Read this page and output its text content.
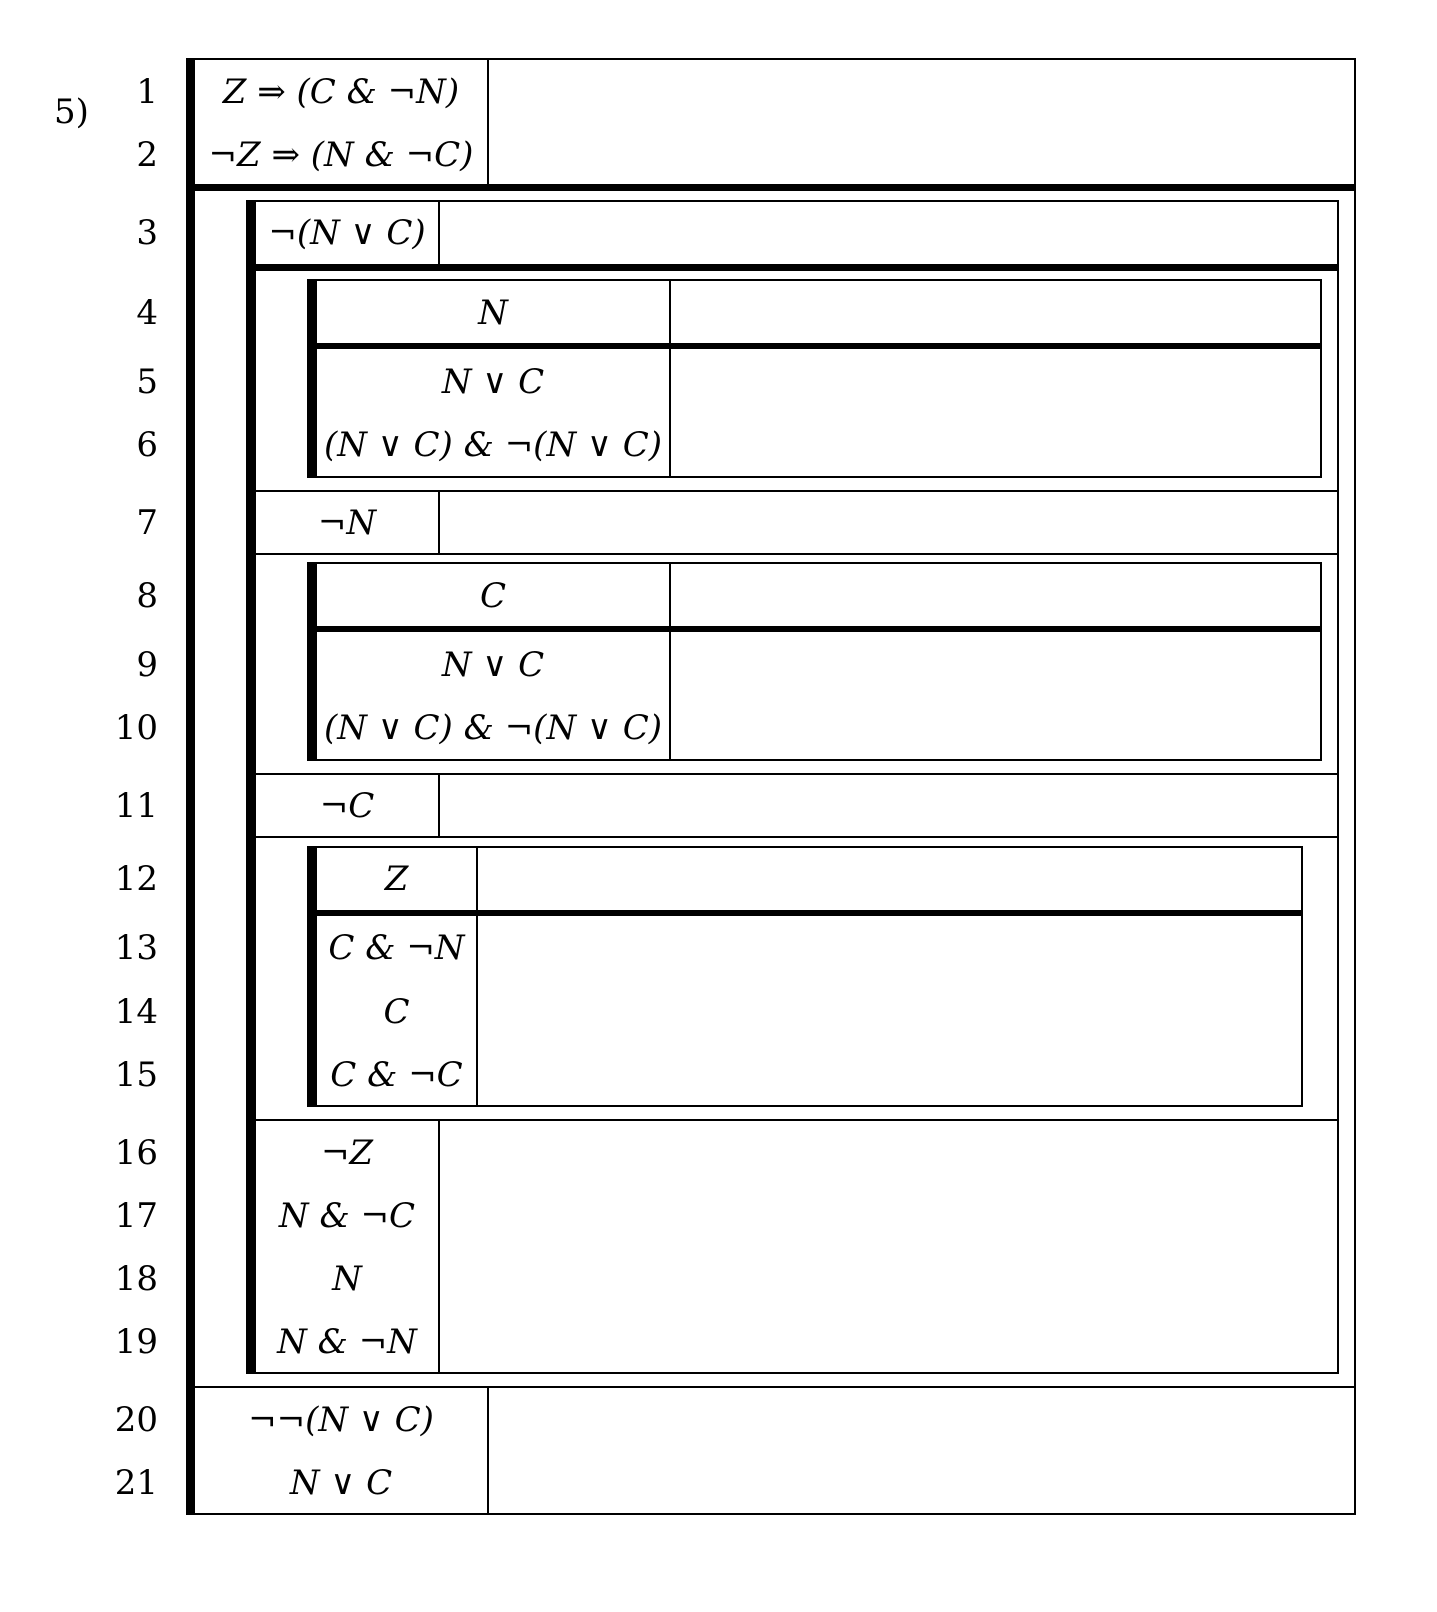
5)	1
2
3
4
5
6
7
8
9
10
11
12
13
14
15
16
17
18
19
20
21
Z ⇒ (C & ¬N)
¬Z ⇒ (N & ¬C)
¬(N ∨ C)
N
N ∨ C
(N ∨ C) & ¬(N ∨ C)
¬N
C
N ∨ C
(N ∨ C) & ¬(N ∨ C)
¬C
Z
C & ¬N
C
C & ¬C
¬Z
N & ¬C
N
N & ¬N
¬¬(N ∨ C)
N ∨ C
